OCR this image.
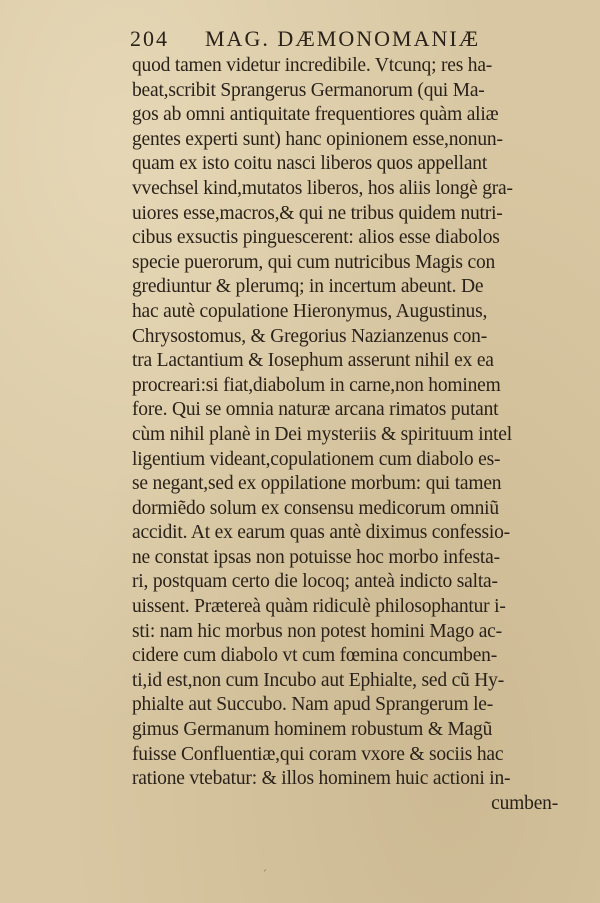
204 MAG. DÆMONOMANIÆ
quod tamen videtur incredibile. Vtcunq; res ha-
beat,scribit Sprangerus Germanorum (qui Ma-
gos ab omni antiquitate frequentiores quàm aliæ
gentes experti sunt) hanc opinionem esse,nonun-
quam ex isto coitu nasci liberos quos appellant
vvechsel kind,mutatos liberos, hos aliis longè gra-
uiores esse,macros,& qui ne tribus quidem nutri-
cibus exsuctis pinguescerent: alios esse diabolos
specie puerorum, qui cum nutricibus Magis con
grediuntur & plerumq; in incertum abeunt. De
hac autè copulatione Hieronymus, Augustinus,
Chrysostomus, & Gregorius Nazianzenus con-
tra Lactantium & Iosephum asserunt nihil ex ea
procreari:si fiat,diabolum in carne,non hominem
fore. Qui se omnia naturæ arcana rimatos putant
cùm nihil planè in Dei mysteriis & spirituum intel
ligentium videant,copulationem cum diabolo es-
se negant,sed ex oppilatione morbum: qui tamen
dormiẽdo solum ex consensu medicorum omniũ
accidit. At ex earum quas antè diximus confessio-
ne constat ipsas non potuisse hoc morbo infesta-
ri, postquam certo die locoq; anteà indicto salta-
uissent. Prætereà quàm ridiculè philosophantur i-
sti: nam hic morbus non potest homini Mago ac-
cidere cum diabolo vt cum fœmina concumben-
ti,id est,non cum Incubo aut Ephialte, sed cũ Hy-
phialte aut Succubo. Nam apud Sprangerum le-
gimus Germanum hominem robustum & Magũ
fuisse Confluentiæ,qui coram vxore & sociis hac
ratione vtebatur: & illos hominem huic actioni in-
cumben-
ˊ
